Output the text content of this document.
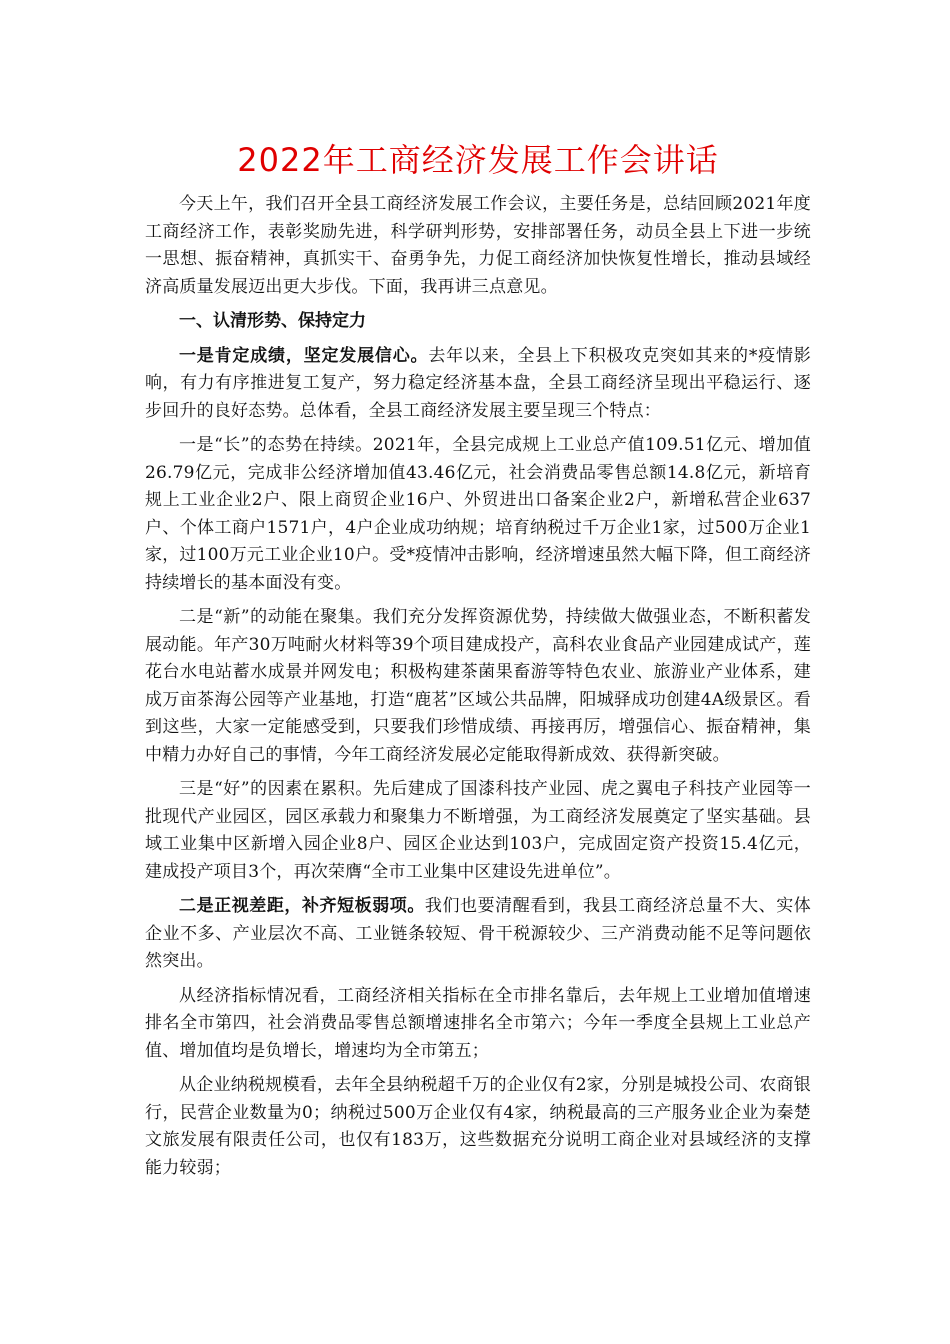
2022年工商经济发展工作会讲话

今天上午，我们召开全县工商经济发展工作会议，主要任务是，总结回顾2021年度工商经济工作，表彰奖励先进，科学研判形势，安排部署任务，动员全县上下进一步统一思想、振奋精神，真抓实干、奋勇争先，力促工商经济加快恢复性增长，推动县域经济高质量发展迈出更大步伐。下面，我再讲三点意见。

一、认清形势、保持定力

一是肯定成绩，坚定发展信心。去年以来，全县上下积极攻克突如其来的*疫情影响，有力有序推进复工复产，努力稳定经济基本盘，全县工商经济呈现出平稳运行、逐步回升的良好态势。总体看，全县工商经济发展主要呈现三个特点：

一是“长”的态势在持续。2021年，全县完成规上工业总产值109.51亿元、增加值26.79亿元，完成非公经济增加值43.46亿元，社会消费品零售总额14.8亿元，新培育规上工业企业2户、限上商贸企业16户、外贸进出口备案企业2户，新增私营企业637户、个体工商户1571户，4户企业成功纳规；培育纳税过千万企业1家，过500万企业1家，过100万元工业企业10户。受*疫情冲击影响，经济增速虽然大幅下降，但工商经济持续增长的基本面没有变。

二是“新”的动能在聚集。我们充分发挥资源优势，持续做大做强业态，不断积蓄发展动能。年产30万吨耐火材料等39个项目建成投产，高科农业食品产业园建成试产，莲花台水电站蓄水成景并网发电；积极构建茶菌果畜游等特色农业、旅游业产业体系，建成万亩茶海公园等产业基地，打造“鹿茗”区域公共品牌，阳城驿成功创建4A级景区。看到这些，大家一定能感受到，只要我们珍惜成绩、再接再厉，增强信心、振奋精神，集中精力办好自己的事情，今年工商经济发展必定能取得新成效、获得新突破。

三是“好”的因素在累积。先后建成了国漆科技产业园、虎之翼电子科技产业园等一批现代产业园区，园区承载力和聚集力不断增强，为工商经济发展奠定了坚实基础。县域工业集中区新增入园企业8户、园区企业达到103户，完成固定资产投资15.4亿元，建成投产项目3个，再次荣膺“全市工业集中区建设先进单位”。

二是正视差距，补齐短板弱项。我们也要清醒看到，我县工商经济总量不大、实体企业不多、产业层次不高、工业链条较短、骨干税源较少、三产消费动能不足等问题依然突出。

从经济指标情况看，工商经济相关指标在全市排名靠后，去年规上工业增加值增速排名全市第四，社会消费品零售总额增速排名全市第六；今年一季度全县规上工业总产值、增加值均是负增长，增速均为全市第五；

从企业纳税规模看，去年全县纳税超千万的企业仅有2家，分别是城投公司、农商银行，民营企业数量为0；纳税过500万企业仅有4家，纳税最高的三产服务业企业为秦楚文旅发展有限责任公司，也仅有183万，这些数据充分说明工商企业对县域经济的支撑能力较弱；
